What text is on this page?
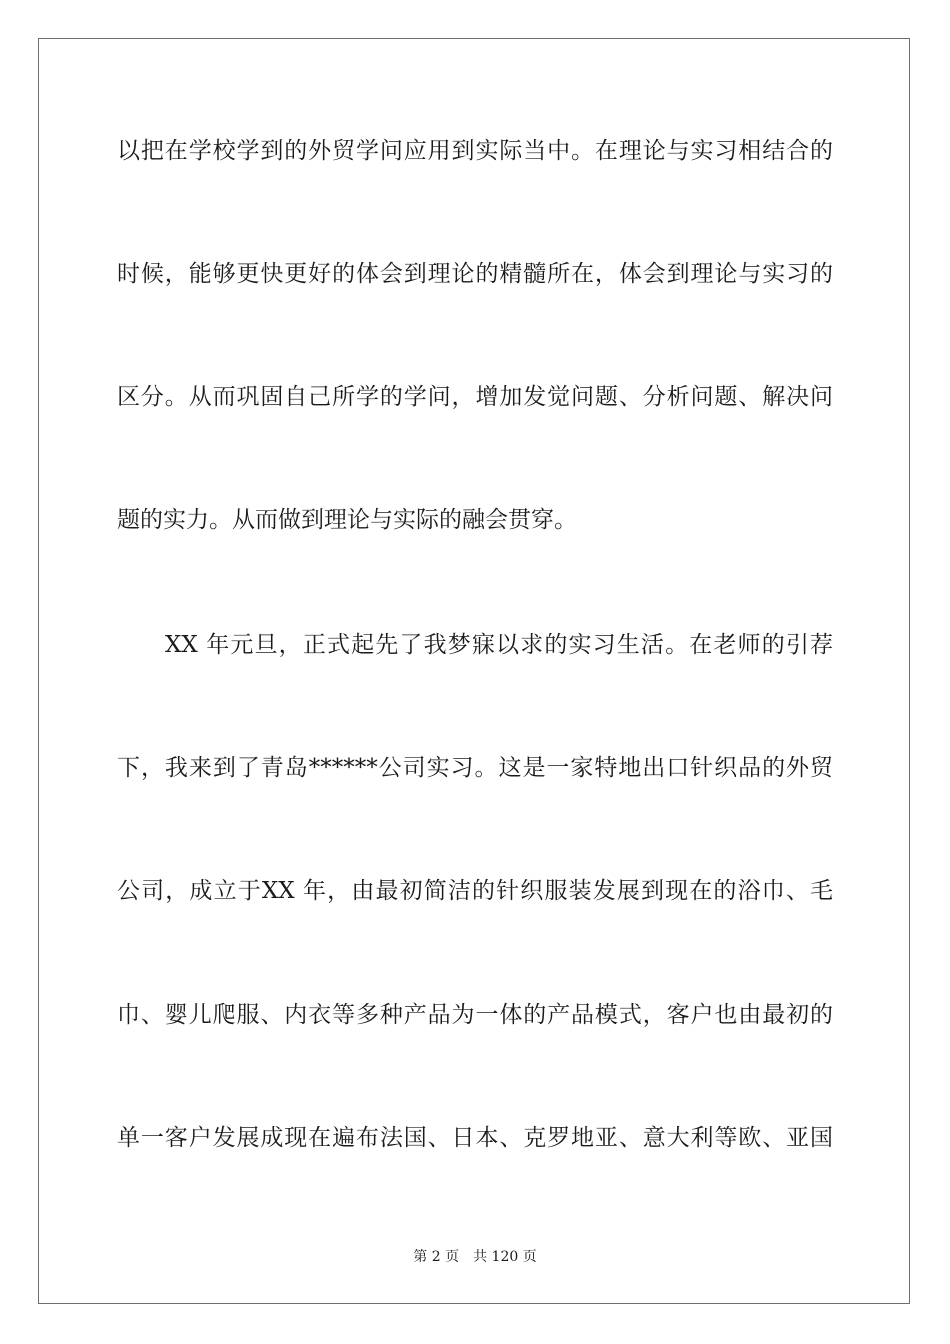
以把在学校学到的外贸学问应用到实际当中。在理论与实习相结合的
时候，能够更快更好的体会到理论的精髓所在，体会到理论与实习的
区分。从而巩固自己所学的学问，增加发觉问题、分析问题、解决问
题的实力。从而做到理论与实际的融会贯穿。
XX 年元旦，正式起先了我梦寐以求的实习生活。在老师的引荐
下，我来到了青岛******公司实习。这是一家特地出口针织品的外贸
公司，成立于XX 年，由最初简洁的针织服装发展到现在的浴巾、毛
巾、婴儿爬服、内衣等多种产品为一体的产品模式，客户也由最初的
单一客户发展成现在遍布法国、日本、克罗地亚、意大利等欧、亚国
第 2 页 共 120 页
